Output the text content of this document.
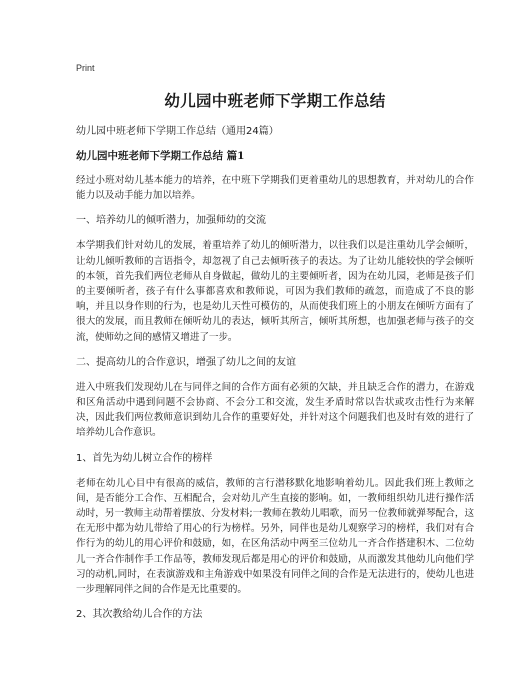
Print
幼儿园中班老师下学期工作总结
幼儿园中班老师下学期工作总结（通用24篇）
幼儿园中班老师下学期工作总结 篇1
经过小班对幼儿基本能力的培养，在中班下学期我们更着重幼儿的思想教育，并对幼儿的合作能力以及动手能力加以培养。
一、培养幼儿的倾听潜力，加强师幼的交流
本学期我们针对幼儿的发展，着重培养了幼儿的倾听潜力，以往我们以是注重幼儿学会倾听，让幼儿倾听教师的言语指令，却忽视了自己去倾听孩子的表达。为了让幼儿能较快的学会倾听的本领，首先我们两位老师从自身做起，做幼儿的主要倾听者，因为在幼儿园，老师是孩子们的主要倾听者，孩子有什么事都喜欢和教师说，可因为我们教师的疏忽，而造成了不良的影响，并且以身作则的行为，也是幼儿天性可模仿的，从而使我们班上的小朋友在倾听方面有了很大的发展，而且教师在倾听幼儿的表达，倾听其所言，倾听其所想，也加强老师与孩子的交流，使师幼之间的感情又增进了一步。
二、提高幼儿的合作意识，增强了幼儿之间的友谊
进入中班我们发现幼儿在与同伴之间的合作方面有必须的欠缺，并且缺乏合作的潜力，在游戏和区角活动中遇到问题不会协商、不会分工和交流，发生矛盾时常以告状或攻击性行为来解决，因此我们两位教师意识到幼儿合作的重要好处，并针对这个问题我们也及时有效的进行了培养幼儿合作意识。
1、首先为幼儿树立合作的榜样
老师在幼儿心目中有很高的威信，教师的言行潜移默化地影响着幼儿。因此我们班上教师之间，是否能分工合作、互相配合，会对幼儿产生直接的影响。如，一教师组织幼儿进行操作活动时，另一教师主动帮着摆放、分发材料;一教师在教幼儿唱歌，而另一位教师就弹琴配合，这在无形中都为幼儿带给了用心的行为榜样。另外，同伴也是幼儿观察学习的榜样，我们对有合作行为的幼儿的用心评价和鼓励，如，在区角活动中两至三位幼儿一齐合作搭建积木、二位幼儿一齐合作制作手工作品等，教师发现后都是用心的评价和鼓励，从而激发其他幼儿向他们学习的动机,同时，在表演游戏和主角游戏中如果没有同伴之间的合作是无法进行的，使幼儿也进一步理解同伴之间的合作是无比重要的。
2、其次教给幼儿合作的方法
